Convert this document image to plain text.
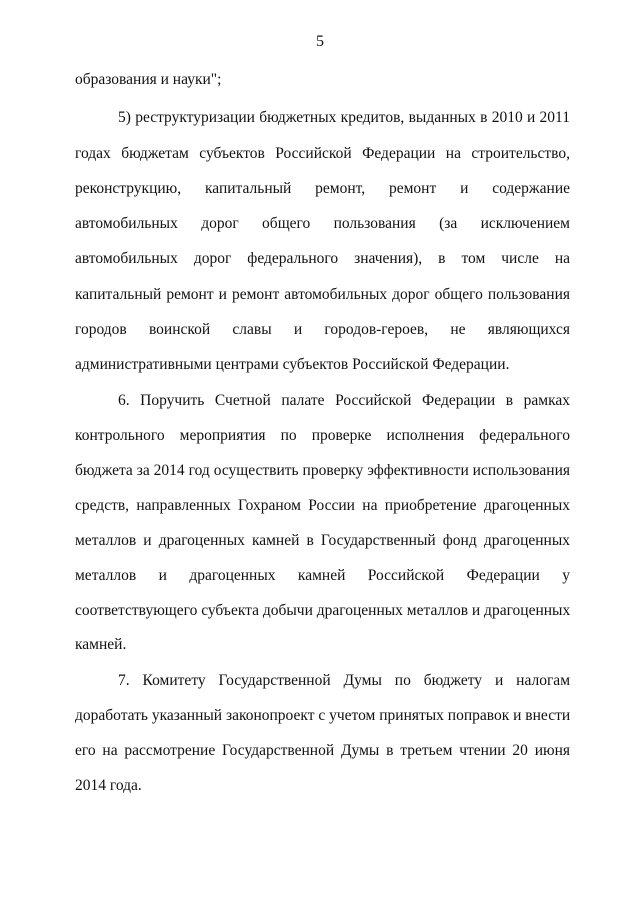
5
образования и науки";
5) реструктуризации бюджетных кредитов, выданных в 2010 и 2011
годах бюджетам субъектов Российской Федерации на строительство,
реконструкцию, капитальный ремонт, ремонт и содержание
автомобильных дорог общего пользования (за исключением
автомобильных дорог федерального значения), в том числе на
капитальный ремонт и ремонт автомобильных дорог общего пользования
городов воинской славы и городов-героев, не являющихся
административными центрами субъектов Российской Федерации.
6. Поручить Счетной палате Российской Федерации в рамках
контрольного мероприятия по проверке исполнения федерального
бюджета за 2014 год осуществить проверку эффективности использования
средств, направленных Гохраном России на приобретение драгоценных
металлов и драгоценных камней в Государственный фонд драгоценных
металлов и драгоценных камней Российской Федерации у
соответствующего субъекта добычи драгоценных металлов и драгоценных
камней.
7. Комитету Государственной Думы по бюджету и налогам
доработать указанный законопроект с учетом принятых поправок и внести
его на рассмотрение Государственной Думы в третьем чтении 20 июня
2014 года.
